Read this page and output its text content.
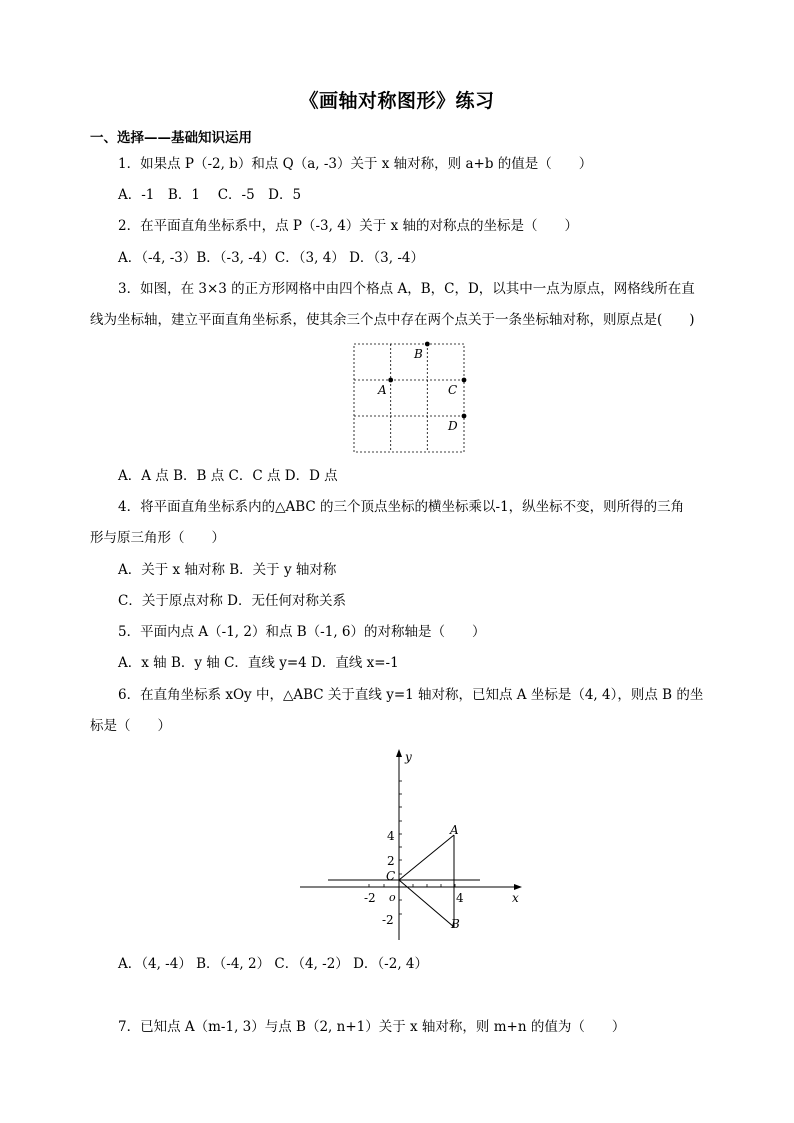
《画轴对称图形》练习
一、选择——基础知识运用
1．如果点 P（-2, b）和点 Q（a, -3）关于 x 轴对称，则 a+b 的值是（　　）
A．-1　B．1　 C．-5　D．5
2．在平面直角坐标系中，点 P（-3, 4）关于 x 轴的对称点的坐标是（　　）
A．（-4, -3）B．（-3, -4）C．（3, 4） D．（3, -4）
3．如图，在 3×3 的正方形网格中由四个格点 A，B，C，D，以其中一点为原点，网格线所在直
线为坐标轴，建立平面直角坐标系，使其余三个点中存在两个点关于一条坐标轴对称，则原点是(　　)
B
A	C
D
A．A 点 B．B 点 C．C 点 D．D 点
4．将平面直角坐标系内的△ABC 的三个顶点坐标的横坐标乘以-1，纵坐标不变，则所得的三角
形与原三角形（　　）
A．关于 x 轴对称 B．关于 y 轴对称
C．关于原点对称 D．无任何对称关系
5．平面内点 A（-1, 2）和点 B（-1, 6）的对称轴是（　　）
A．x 轴 B．y 轴 C．直线 y=4 D．直线 x=-1
6．在直角坐标系 xOy 中，△ABC 关于直线 y=1 轴对称，已知点 A 坐标是（4, 4），则点 B 的坐
标是（　　）
y
x
o
A
B
C
4
2
-2	4
-2
A．（4, -4） B．（-4, 2） C．（4, -2） D．（-2, 4）
7．已知点 A（m-1, 3）与点 B（2, n+1）关于 x 轴对称，则 m+n 的值为（　　）
